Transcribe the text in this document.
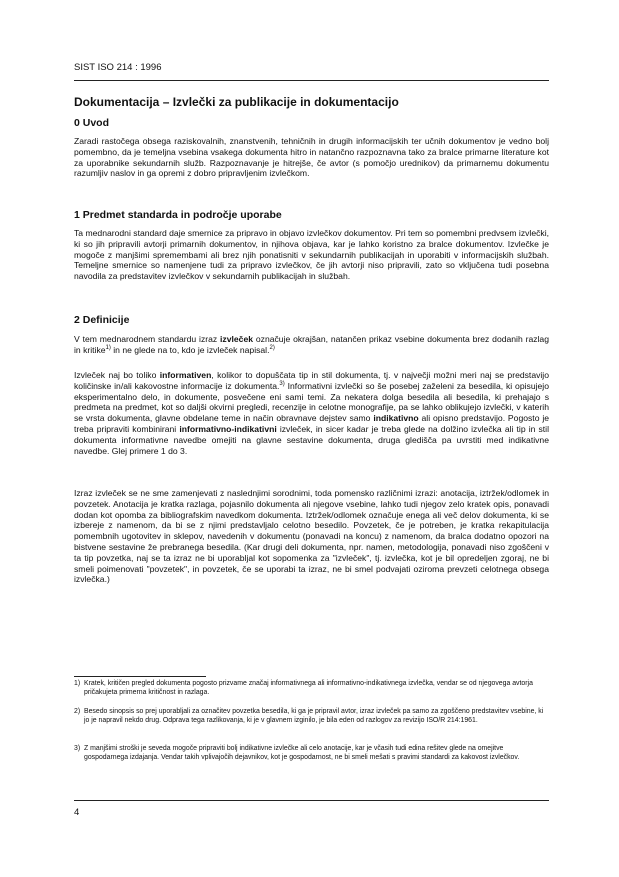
SIST ISO 214 : 1996
Dokumentacija – Izvlečki za publikacije in dokumentacijo
0 Uvod

Zaradi rastočega obsega raziskovalnih, znanstvenih, tehničnih in drugih informacijskih ter učnih dokumentov je vedno bolj pomembno, da je temeljna vsebina vsakega dokumenta hitro in natančno razpoznavna tako za bralce primarne literature kot za uporabnike sekundarnih služb. Razpoznavanje je hitrejše, če avtor (s pomočjo urednikov) da primarnemu dokumentu razumljiv naslov in ga opremi z dobro pripravljenim izvlečkom.

1 Predmet standarda in področje uporabe

Ta mednarodni standard daje smernice za pripravo in objavo izvlečkov dokumentov. Pri tem so pomembni predvsem izvlečki, ki so jih pripravili avtorji primarnih dokumentov, in njihova objava, kar je lahko koristno za bralce dokumentov. Izvlečke je mogoče z manjšimi spremembami ali brez njih ponatisniti v sekundarnih publikacijah in uporabiti v informacijskih službah. Temeljne smernice so namenjene tudi za pripravo izvlečkov, če jih avtorji niso pripravili, zato so vključena tudi posebna navodila za predstavitev izvlečkov v sekundarnih publikacijah in službah.

2 Definicije

V tem mednarodnem standardu izraz izvleček označuje okrajšan, natančen prikaz vsebine dokumenta brez dodanih razlag in kritike$^{1)}$ in ne glede na to, kdo je izvleček napisal.$^{2)}$

Izvleček naj bo toliko informativen, kolikor to dopuščata tip in stil dokumenta, tj. v največji možni meri naj se predstavijo količinske in/ali kakovostne informacije iz dokumenta.$^{3)}$ Informativni izvlečki so še posebej zaželeni za besedila, ki opisujejo eksperimentalno delo, in dokumente, posvečene eni sami temi. Za nekatera dolga besedila ali besedila, ki prehajajo s predmeta na predmet, kot so daljši okvirni pregledi, recenzije in celotne monografije, pa se lahko oblikujejo izvlečki, v katerih se vrsta dokumenta, glavne obdelane teme in način obravnave dejstev samo indikativno ali opisno predstavijo. Pogosto je treba pripraviti kombinirani informativno-indikativni izvleček, in sicer kadar je treba glede na dolžino izvlečka ali tip in stil dokumenta informativne navedbe omejiti na glavne sestavine dokumenta, druga gledišča pa uvrstiti med indikativne navedbe. Glej primere 1 do 3.

Izraz izvleček se ne sme zamenjevati z naslednjimi sorodnimi, toda pomensko različnimi izrazi: anotacija, iztržek/odlomek in povzetek. Anotacija je kratka razlaga, pojasnilo dokumenta ali njegove vsebine, lahko tudi njegov zelo kratek opis, ponavadi dodan kot opomba za bibliografskim navedkom dokumenta. Iztržek/odlomek označuje enega ali več delov dokumenta, ki se izbereje z namenom, da bi se z njimi predstavljalo celotno besedilo. Povzetek, če je potreben, je kratka rekapitulacija pomembnih ugotovitev in sklepov, navedenih v dokumentu (ponavadi na koncu) z namenom, da bralca dodatno opozori na bistvene sestavine že prebranega besedila. (Kar drugi deli dokumenta, npr. namen, metodologija, ponavadi niso zgoščeni v ta tip povzetka, naj se ta izraz ne bi uporabljal kot sopomenka za "izvleček", tj. izvlečka, kot je bil opredeljen zgoraj, ne bi smeli poimenovati "povzetek", in povzetek, če se uporabi ta izraz, ne bi smel podvajati oziroma prevzeti celotnega obsega izvlečka.)

1) Kratek, kritičen pregled dokumenta pogosto prizvame značaj informativnega ali informativno-indikativnega izvlečka, vendar se od njegovega avtorja pričakujeta primerna kritičnost in razlaga.
2) Besedo sinopsis so prej uporabljali za označitev povzetka besedila, ki ga je pripravil avtor, izraz izvleček pa samo za zgoščeno predstavitev vsebine, ki jo je napravil nekdo drug. Odprava tega razlikovanja, ki je v glavnem izginilo, je bila eden od razlogov za revizijo ISO/R 214:1961.
3) Z manjšimi stroški je seveda mogoče pripraviti bolj indikativne izvlečke ali celo anotacije, kar je včasih tudi edina rešitev glede na omejitve gospodarnega izdajanja. Vendar takih vplivajočih dejavnikov, kot je gospodarnost, ne bi smeli mešati s pravimi standardi za kakovost izvlečkov.
4
